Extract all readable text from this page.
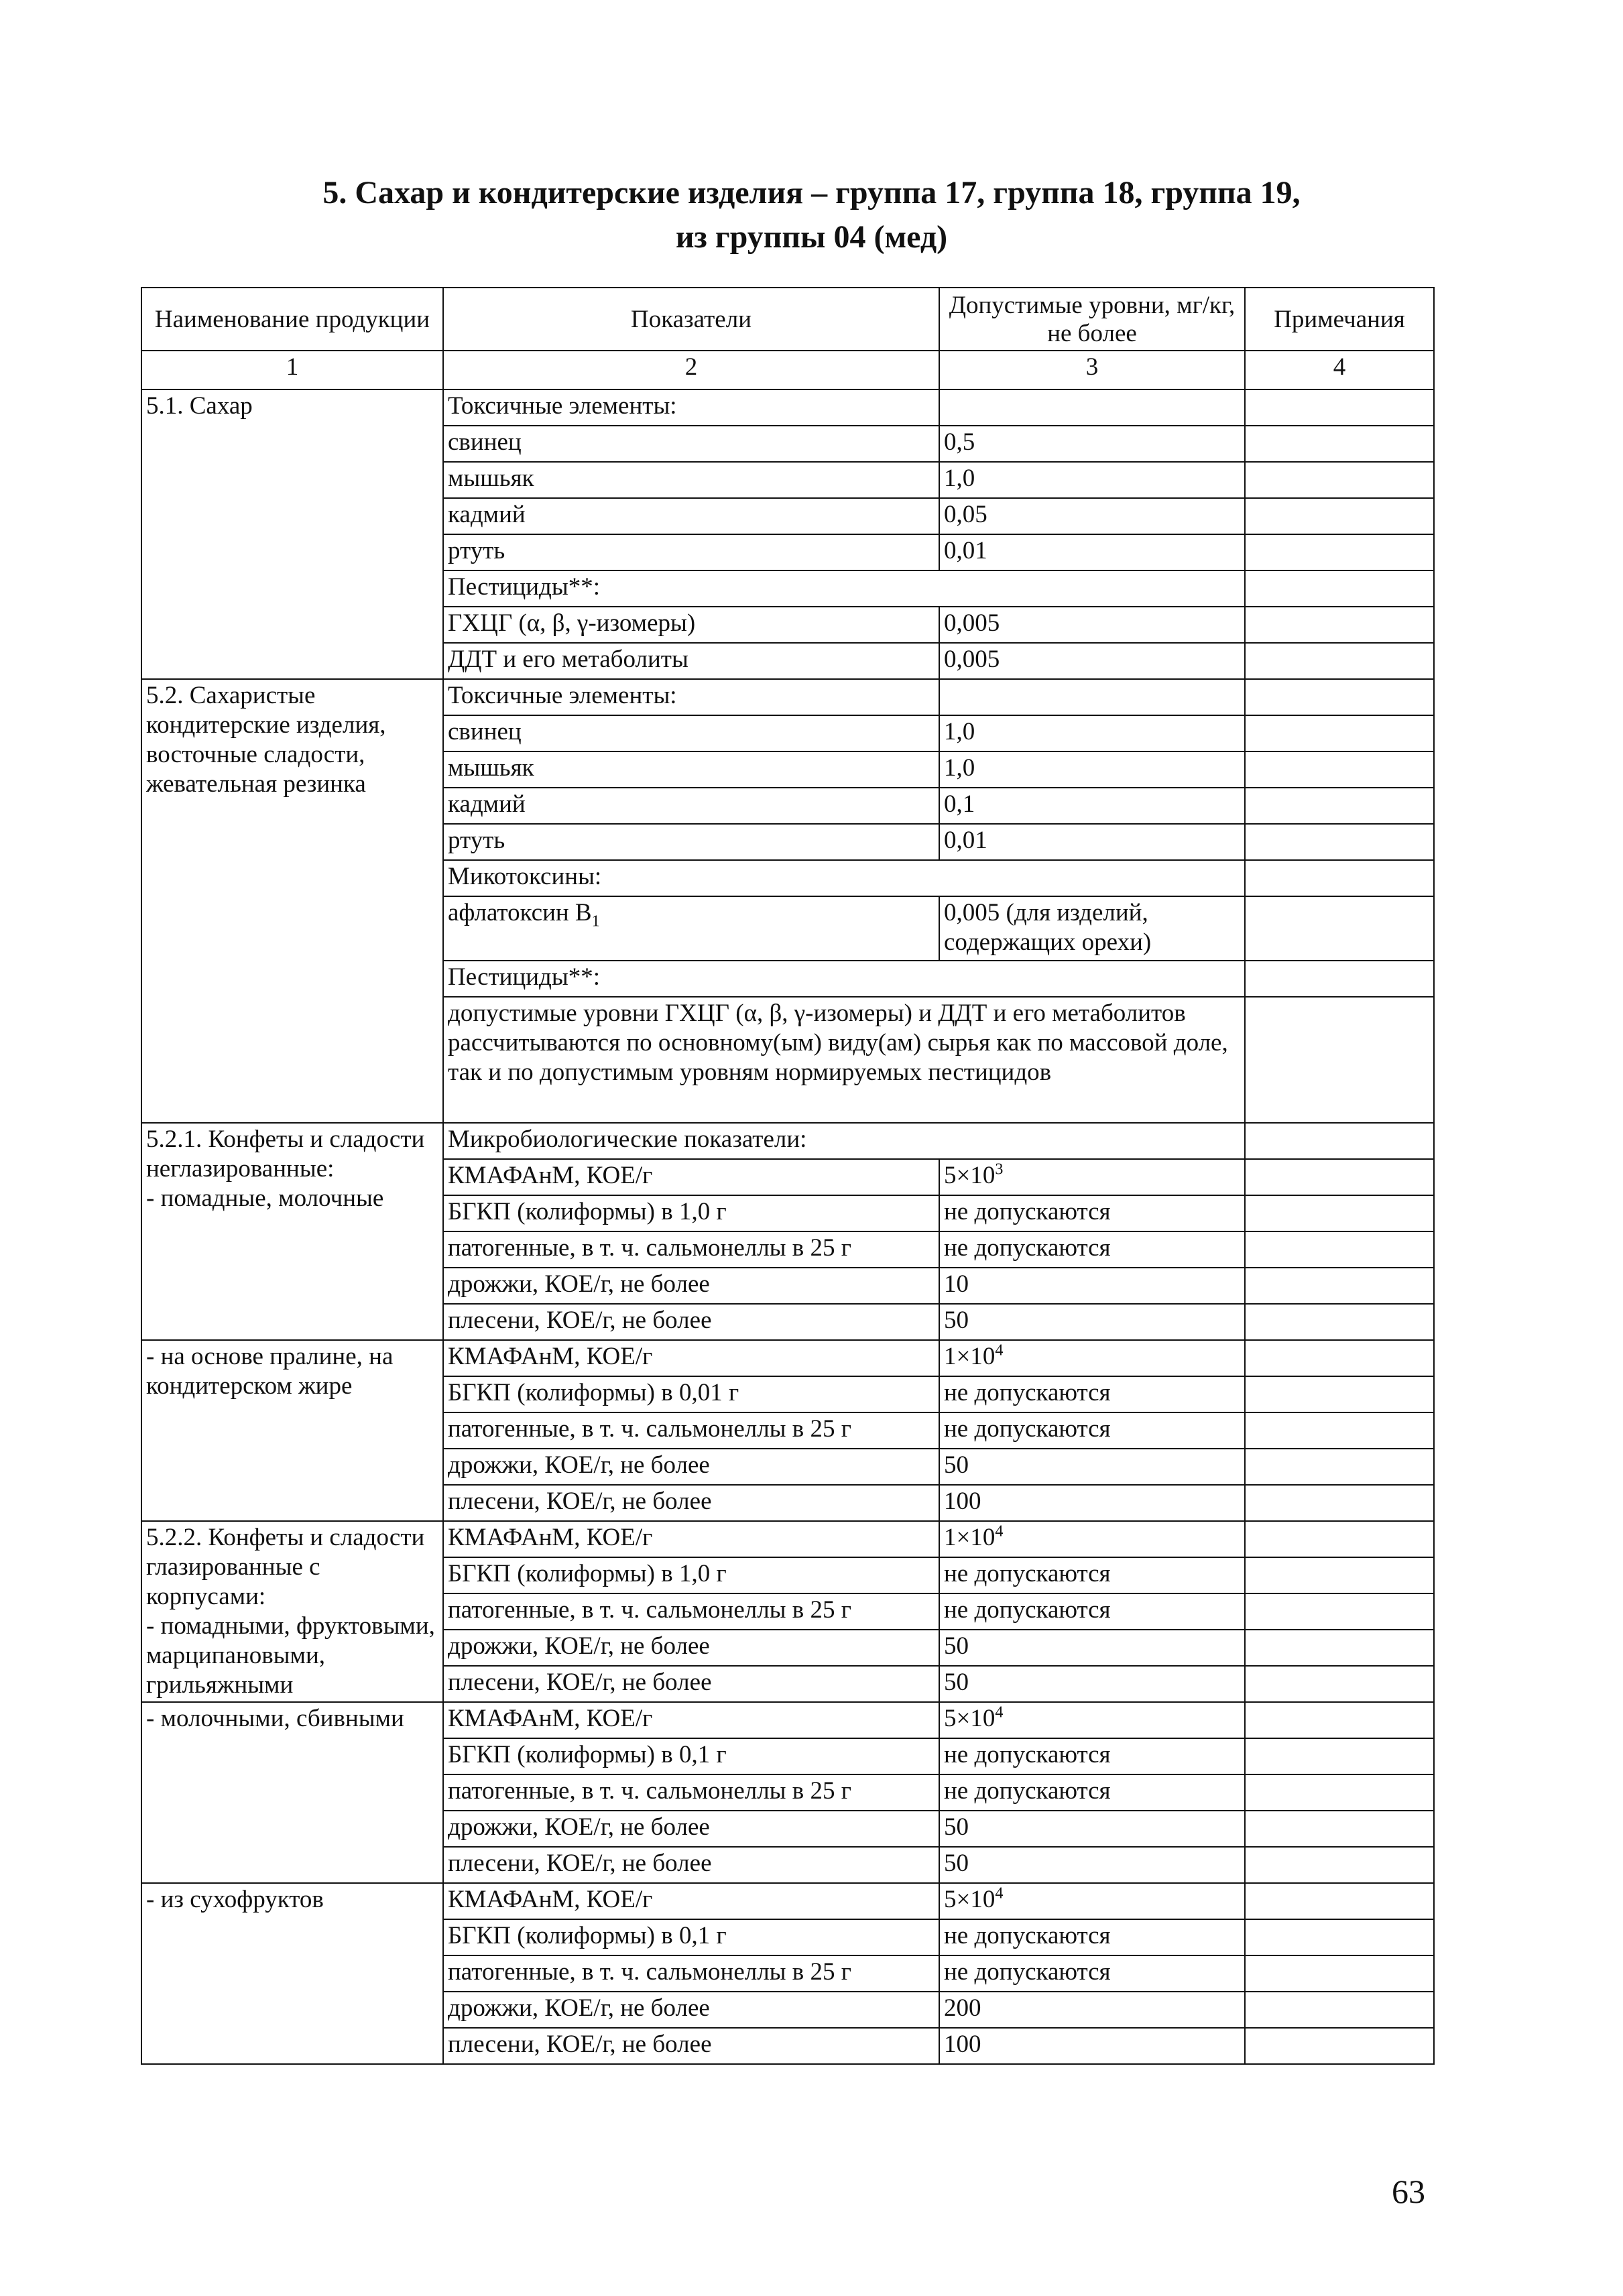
5. Сахар и кондитерские изделия – группа 17, группа 18, группа 19,
из группы 04 (мед)
Наименование продукции	Показатели	Допустимые уровни, мг/кг, не более	Примечания
1	2	3	4
5.1. Сахар	Токсичные элементы:		
	свинец	0,5	
	мышьяк	1,0	
	кадмий	0,05	
	ртуть	0,01	
	Пестициды**:		
	ГХЦГ (α, β, γ-изомеры)	0,005	
	ДДТ и его метаболиты	0,005	
5.2. Сахаристые кондитерские изделия, восточные сладости, жевательная резинка	Токсичные элементы:		
	свинец	1,0	
	мышьяк	1,0	
	кадмий	0,1	
	ртуть	0,01	
	Микотоксины:		
	афлатоксин $B_1$	0,005 (для изделий, содержащих орехи)	
	Пестициды**:		
	допустимые уровни ГХЦГ (α, β, γ-изомеры) и ДДТ и его метаболитов рассчитываются по основному(ым) виду(ам) сырья как по массовой доле, так и по допустимым уровням нормируемых пестицидов		
5.2.1. Конфеты и сладости неглазированные:
- помадные, молочные	Микробиологические показатели:		
	КМАФАнМ, КОЕ/г	$5\times 10^3$	
	БГКП (колиформы) в 1,0 г	не допускаются	
	патогенные, в т. ч. сальмонеллы в 25 г	не допускаются	
	дрожжи, КОЕ/г, не более	10	
	плесени, КОЕ/г, не более	50	
- на основе пралине, на кондитерском жире	КМАФАнМ, КОЕ/г	$1\times 10^4$	
	БГКП (колиформы) в 0,01 г	не допускаются	
	патогенные, в т. ч. сальмонеллы в 25 г	не допускаются	
	дрожжи, КОЕ/г, не более	50	
	плесени, КОЕ/г, не более	100	
5.2.2. Конфеты и сладости глазированные с корпусами:
- помадными, фруктовыми, марципановыми, грильяжными	КМАФАнМ, КОЕ/г	$1\times 10^4$	
	БГКП (колиформы) в 1,0 г	не допускаются	
	патогенные, в т. ч. сальмонеллы в 25 г	не допускаются	
	дрожжи, КОЕ/г, не более	50	
	плесени, КОЕ/г, не более	50	
- молочными, сбивными	КМАФАнМ, КОЕ/г	$5\times 10^4$	
	БГКП (колиформы) в 0,1 г	не допускаются	
	патогенные, в т. ч. сальмонеллы в 25 г	не допускаются	
	дрожжи, КОЕ/г, не более	50	
	плесени, КОЕ/г, не более	50	
- из сухофруктов	КМАФАнМ, КОЕ/г	$5\times 10^4$	
	БГКП (колиформы) в 0,1 г	не допускаются	
	патогенные, в т. ч. сальмонеллы в 25 г	не допускаются	
	дрожжи, КОЕ/г, не более	200	
	плесени, КОЕ/г, не более	100	
63
